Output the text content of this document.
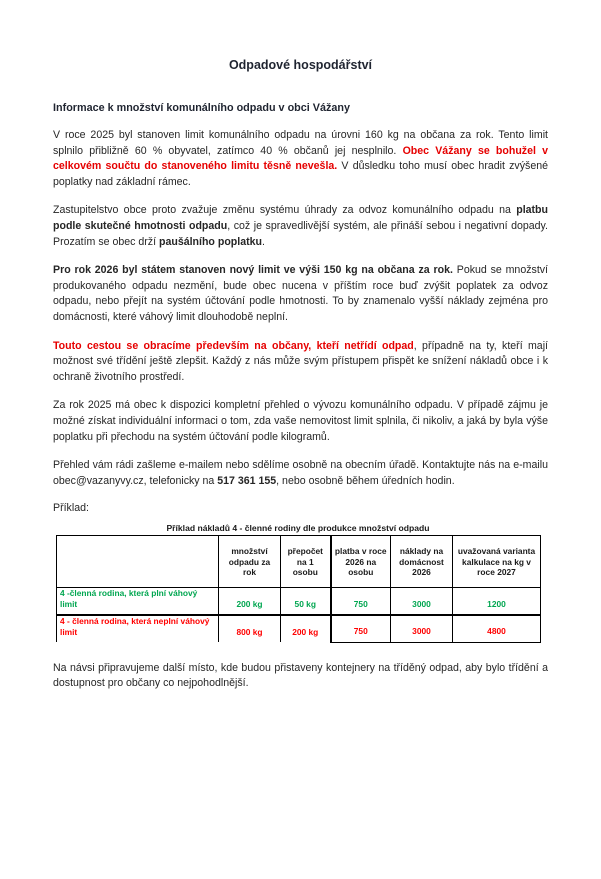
Odpadové hospodářství
Informace k množství komunálního odpadu v obci Vážany

V roce 2025 byl stanoven limit komunálního odpadu na úrovni 160 kg na občana za rok. Tento limit splnilo přibližně 60 % obyvatel, zatímco 40 % občanů jej nesplnilo. Obec Vážany se bohužel v celkovém součtu do stanoveného limitu těsně nevešla. V důsledku toho musí obec hradit zvýšené poplatky nad základní rámec.

Zastupitelstvo obce proto zvažuje změnu systému úhrady za odvoz komunálního odpadu na platbu podle skutečné hmotnosti odpadu, což je spravedlivější systém, ale přináší sebou i negativní dopady. Prozatím se obec drží paušálního poplatku.

Pro rok 2026 byl státem stanoven nový limit ve výši 150 kg na občana za rok. Pokud se množství produkovaného odpadu nezmění, bude obec nucena v příštím roce buď zvýšit poplatek za odvoz odpadu, nebo přejít na systém účtování podle hmotnosti. To by znamenalo vyšší náklady zejména pro domácnosti, které váhový limit dlouhodobě neplní.

Touto cestou se obracíme především na občany, kteří netřídí odpad, případně na ty, kteří mají možnost své třídění ještě zlepšit. Každý z nás může svým přístupem přispět ke snížení nákladů obce i k ochraně životního prostředí.

Za rok 2025 má obec k dispozici kompletní přehled o vývozu komunálního odpadu. V případě zájmu je možné získat individuální informaci o tom, zda vaše nemovitost limit splnila, či nikoliv, a jaká by byla výše poplatku při přechodu na systém účtování podle kilogramů.

Přehled vám rádi zašleme e-mailem nebo sdělíme osobně na obecním úřadě. Kontaktujte nás na e-mailu obec@vazanyvy.cz, telefonicky na 517 361 155, nebo osobně během úředních hodin.

Příklad:
Příklad nákladů 4 - členné rodiny dle produkce množství odpadu
	množství odpadu za rok	přepočet na 1 osobu	platba v roce 2026 na osobu	náklady na domácnost 2026	uvažovaná varianta kalkulace na kg v roce 2027
4 -členná rodina, která plní váhový limit	200 kg	50 kg	750	3000	1200
4 - členná rodina, která neplní váhový limit	800 kg	200 kg	750	3000	4800

Na návsi připravujeme další místo, kde budou přistaveny kontejnery na tříděný odpad, aby bylo třídění a dostupnost pro občany co nejpohodlnější.
